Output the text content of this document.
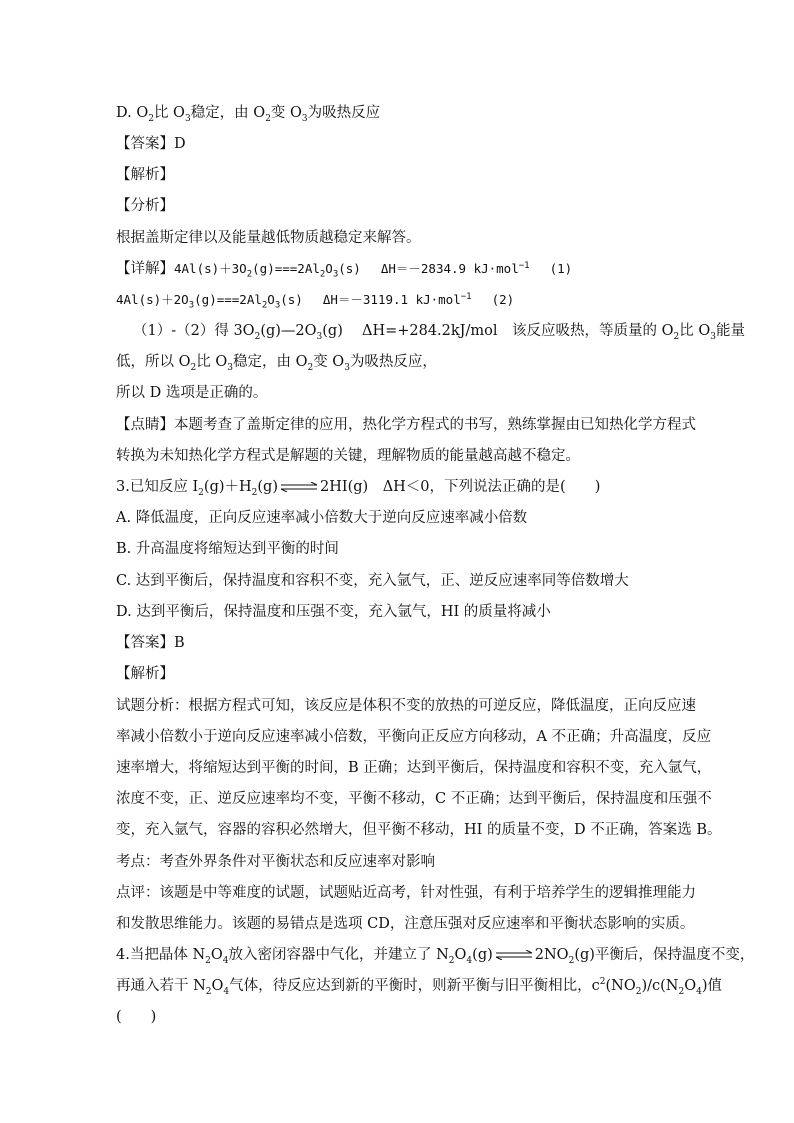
D. $O_2$比 $O_3$稳定，由 $O_2$变 $O_3$为吸热反应
【答案】D
【解析】
【分析】
根据盖斯定律以及能量越低物质越稳定来解答。
【详解】$4Al(s)+3O_2(g)===2Al_2O_3(s)$　 ΔH＝－2834.9 kJ·mol$^{-1}$　 (1)
$4Al(s)+2O_3(g)===2Al_2O_3(s)$　 ΔH＝－3119.1 kJ·mol$^{-1}$　 (2)
（1）-（2）得 $3O_2(g)—2O_3(g)$　 ΔH=+284.2kJ/mol　该反应吸热，等质量的 $O_2$比 $O_3$能量
低，所以 $O_2$比 $O_3$稳定，由 $O_2$变 $O_3$为吸热反应，
所以 D 选项是正确的。
【点睛】本题考查了盖斯定律的应用，热化学方程式的书写，熟练掌握由已知热化学方程式
转换为未知热化学方程式是解题的关键，理解物质的能量越高越不稳定。
3.已知反应 $I_2(g)+H_2(g)\rightleftharpoons 2HI(g)$　ΔH＜0，下列说法正确的是(　　)
A. 降低温度，正向反应速率减小倍数大于逆向反应速率减小倍数
B. 升高温度将缩短达到平衡的时间
C. 达到平衡后，保持温度和容积不变，充入氩气，正、逆反应速率同等倍数增大
D. 达到平衡后，保持温度和压强不变，充入氩气，HI 的质量将减小
【答案】B
【解析】
试题分析：根据方程式可知，该反应是体积不变的放热的可逆反应，降低温度，正向反应速
率减小倍数小于逆向反应速率减小倍数，平衡向正反应方向移动，A 不正确；升高温度，反应
速率增大，将缩短达到平衡的时间，B 正确；达到平衡后，保持温度和容积不变，充入氩气，
浓度不变，正、逆反应速率均不变，平衡不移动，C 不正确；达到平衡后，保持温度和压强不
变，充入氩气，容器的容积必然增大，但平衡不移动，HI 的质量不变，D 不正确，答案选 B。
考点：考查外界条件对平衡状态和反应速率对影响
点评：该题是中等难度的试题，试题贴近高考，针对性强，有利于培养学生的逻辑推理能力
和发散思维能力。该题的易错点是选项 CD，注意压强对反应速率和平衡状态影响的实质。
4.当把晶体 $N_2O_4$放入密闭容器中气化，并建立了 $N_2O_4(g)\rightleftharpoons 2NO_2(g)$平衡后，保持温度不变，
再通入若干 $N_2O_4$气体，待反应达到新的平衡时，则新平衡与旧平衡相比，$c^2(NO_2)/c(N_2O_4)$值
(　　)
